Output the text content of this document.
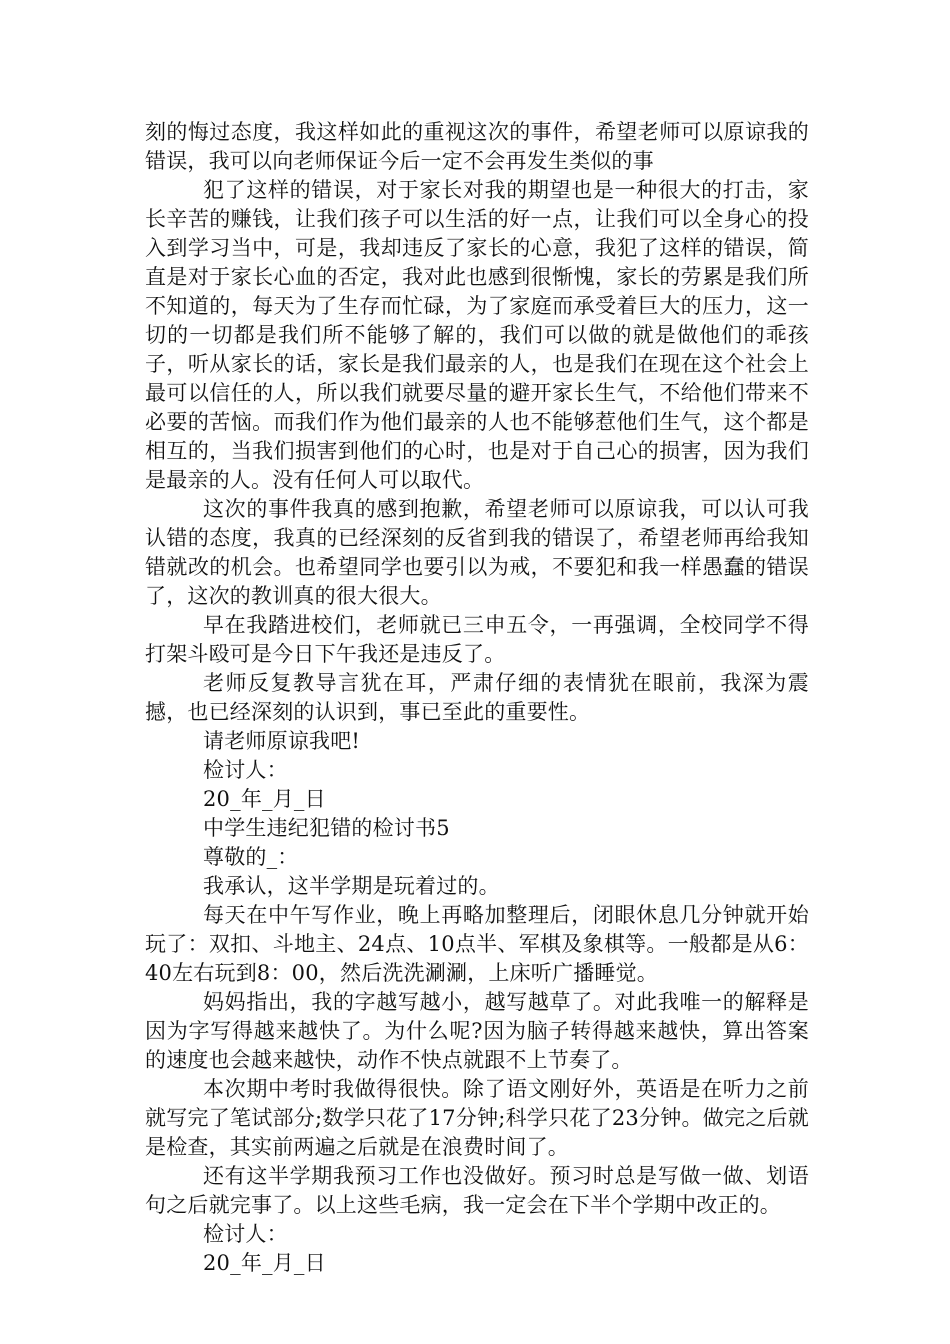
刻的悔过态度，我这样如此的重视这次的事件，希望老师可以原谅我的错误，我可以向老师保证今后一定不会再发生类似的事

犯了这样的错误，对于家长对我的期望也是一种很大的打击，家长辛苦的赚钱，让我们孩子可以生活的好一点，让我们可以全身心的投入到学习当中，可是，我却违反了家长的心意，我犯了这样的错误，简直是对于家长心血的否定，我对此也感到很惭愧，家长的劳累是我们所不知道的，每天为了生存而忙碌，为了家庭而承受着巨大的压力，这一切的一切都是我们所不能够了解的，我们可以做的就是做他们的乖孩子，听从家长的话，家长是我们最亲的人，也是我们在现在这个社会上最可以信任的人，所以我们就要尽量的避开家长生气，不给他们带来不必要的苦恼。而我们作为他们最亲的人也不能够惹他们生气，这个都是相互的，当我们损害到他们的心时，也是对于自己心的损害，因为我们是最亲的人。没有任何人可以取代。

这次的事件我真的感到抱歉，希望老师可以原谅我，可以认可我认错的态度，我真的已经深刻的反省到我的错误了，希望老师再给我知错就改的机会。也希望同学也要引以为戒，不要犯和我一样愚蠢的错误了，这次的教训真的很大很大。

早在我踏进校们，老师就已三申五令，一再强调，全校同学不得打架斗殴可是今日下午我还是违反了。

老师反复教导言犹在耳，严肃仔细的表情犹在眼前，我深为震撼，也已经深刻的认识到，事已至此的重要性。

请老师原谅我吧!

检讨人：

20_年_月_日

中学生违纪犯错的检讨书5

尊敬的_：

我承认，这半学期是玩着过的。

每天在中午写作业，晚上再略加整理后，闭眼休息几分钟就开始玩了：双扣、斗地主、24点、10点半、军棋及象棋等。一般都是从6：40左右玩到8：00，然后洗洗涮涮，上床听广播睡觉。

妈妈指出，我的字越写越小，越写越草了。对此我唯一的解释是因为字写得越来越快了。为什么呢?因为脑子转得越来越快，算出答案的速度也会越来越快，动作不快点就跟不上节奏了。

本次期中考时我做得很快。除了语文刚好外，英语是在听力之前就写完了笔试部分;数学只花了17分钟;科学只花了23分钟。做完之后就是检查，其实前两遍之后就是在浪费时间了。

还有这半学期我预习工作也没做好。预习时总是写做一做、划语句之后就完事了。以上这些毛病，我一定会在下半个学期中改正的。

检讨人：

20_年_月_日
